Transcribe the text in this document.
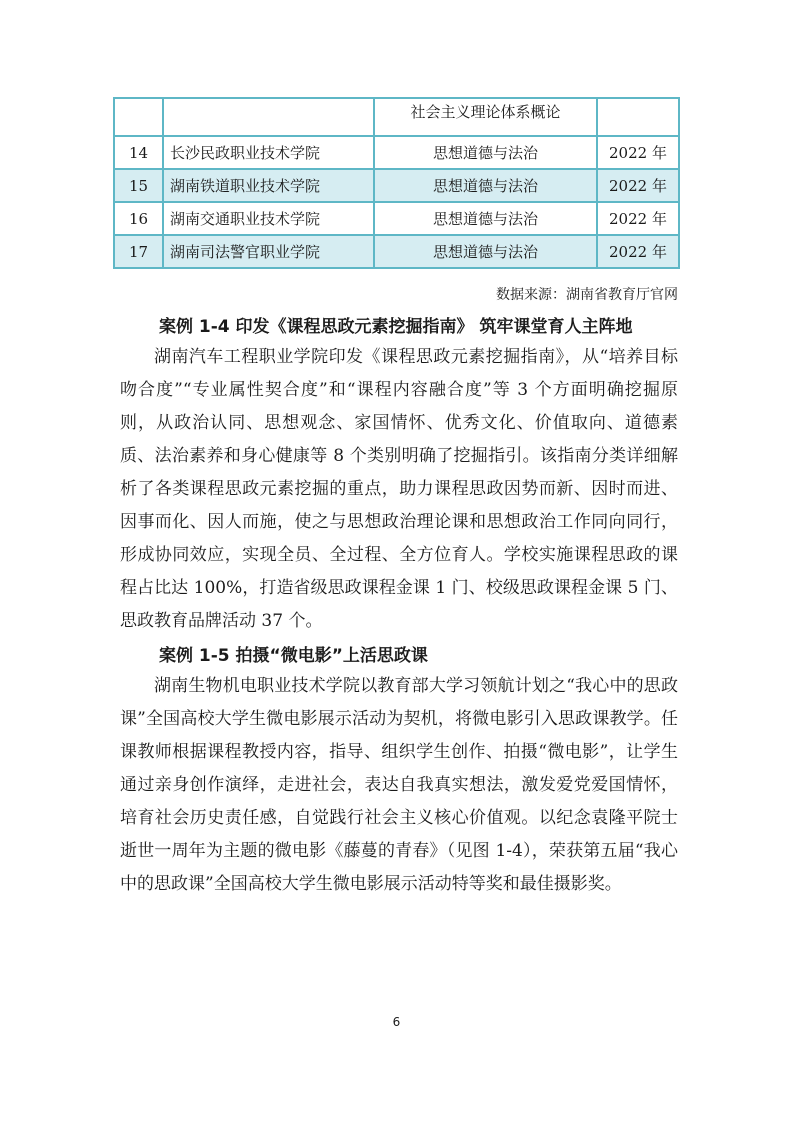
		社会主义理论体系概论	
14	长沙民政职业技术学院	思想道德与法治	2022 年
15	湖南铁道职业技术学院	思想道德与法治	2022 年
16	湖南交通职业技术学院	思想道德与法治	2022 年
17	湖南司法警官职业学院	思想道德与法治	2022 年
数据来源：湖南省教育厅官网
案例 1-4 印发《课程思政元素挖掘指南》 筑牢课堂育人主阵地

湖南汽车工程职业学院印发《课程思政元素挖掘指南》，从“培养目标吻合度”“专业属性契合度”和“课程内容融合度”等 3 个方面明确挖掘原则，从政治认同、思想观念、家国情怀、优秀文化、价值取向、道德素质、法治素养和身心健康等 8 个类别明确了挖掘指引。该指南分类详细解析了各类课程思政元素挖掘的重点，助力课程思政因势而新、因时而进、因事而化、因人而施，使之与思想政治理论课和思想政治工作同向同行，形成协同效应，实现全员、全过程、全方位育人。学校实施课程思政的课程占比达 100%，打造省级思政课程金课 1 门、校级思政课程金课 5 门、思政教育品牌活动 37 个。

案例 1-5 拍摄“微电影”上活思政课

湖南生物机电职业技术学院以教育部大学习领航计划之“我心中的思政课”全国高校大学生微电影展示活动为契机，将微电影引入思政课教学。任课教师根据课程教授内容，指导、组织学生创作、拍摄“微电影”，让学生通过亲身创作演绎，走进社会，表达自我真实想法，激发爱党爱国情怀，培育社会历史责任感，自觉践行社会主义核心价值观。以纪念袁隆平院士逝世一周年为主题的微电影《藤蔓的青春》（见图 1-4），荣获第五届“我心中的思政课”全国高校大学生微电影展示活动特等奖和最佳摄影奖。

6
